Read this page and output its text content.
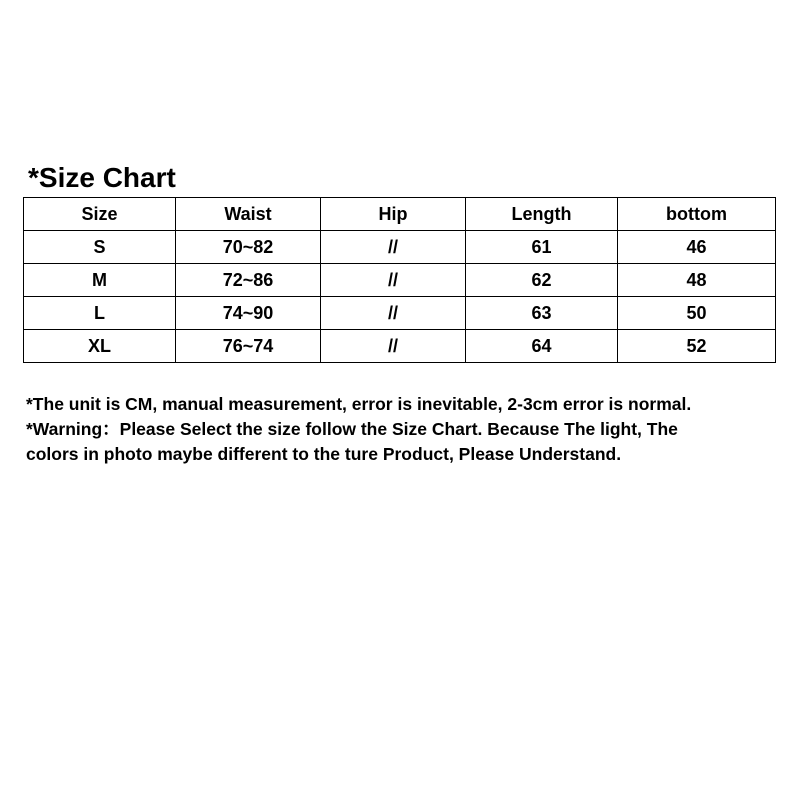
*Size Chart
Size	Waist	Hip	Length	bottom
S	70~82	//	61	46
M	72~86	//	62	48
L	74~90	//	63	50
XL	76~74	//	64	52

*The unit is CM, manual measurement, error is inevitable, 2-3cm error is normal.

*Warning：Please Select the size follow the Size Chart. Because The light, The

colors in photo maybe different to the ture Product, Please Understand.
